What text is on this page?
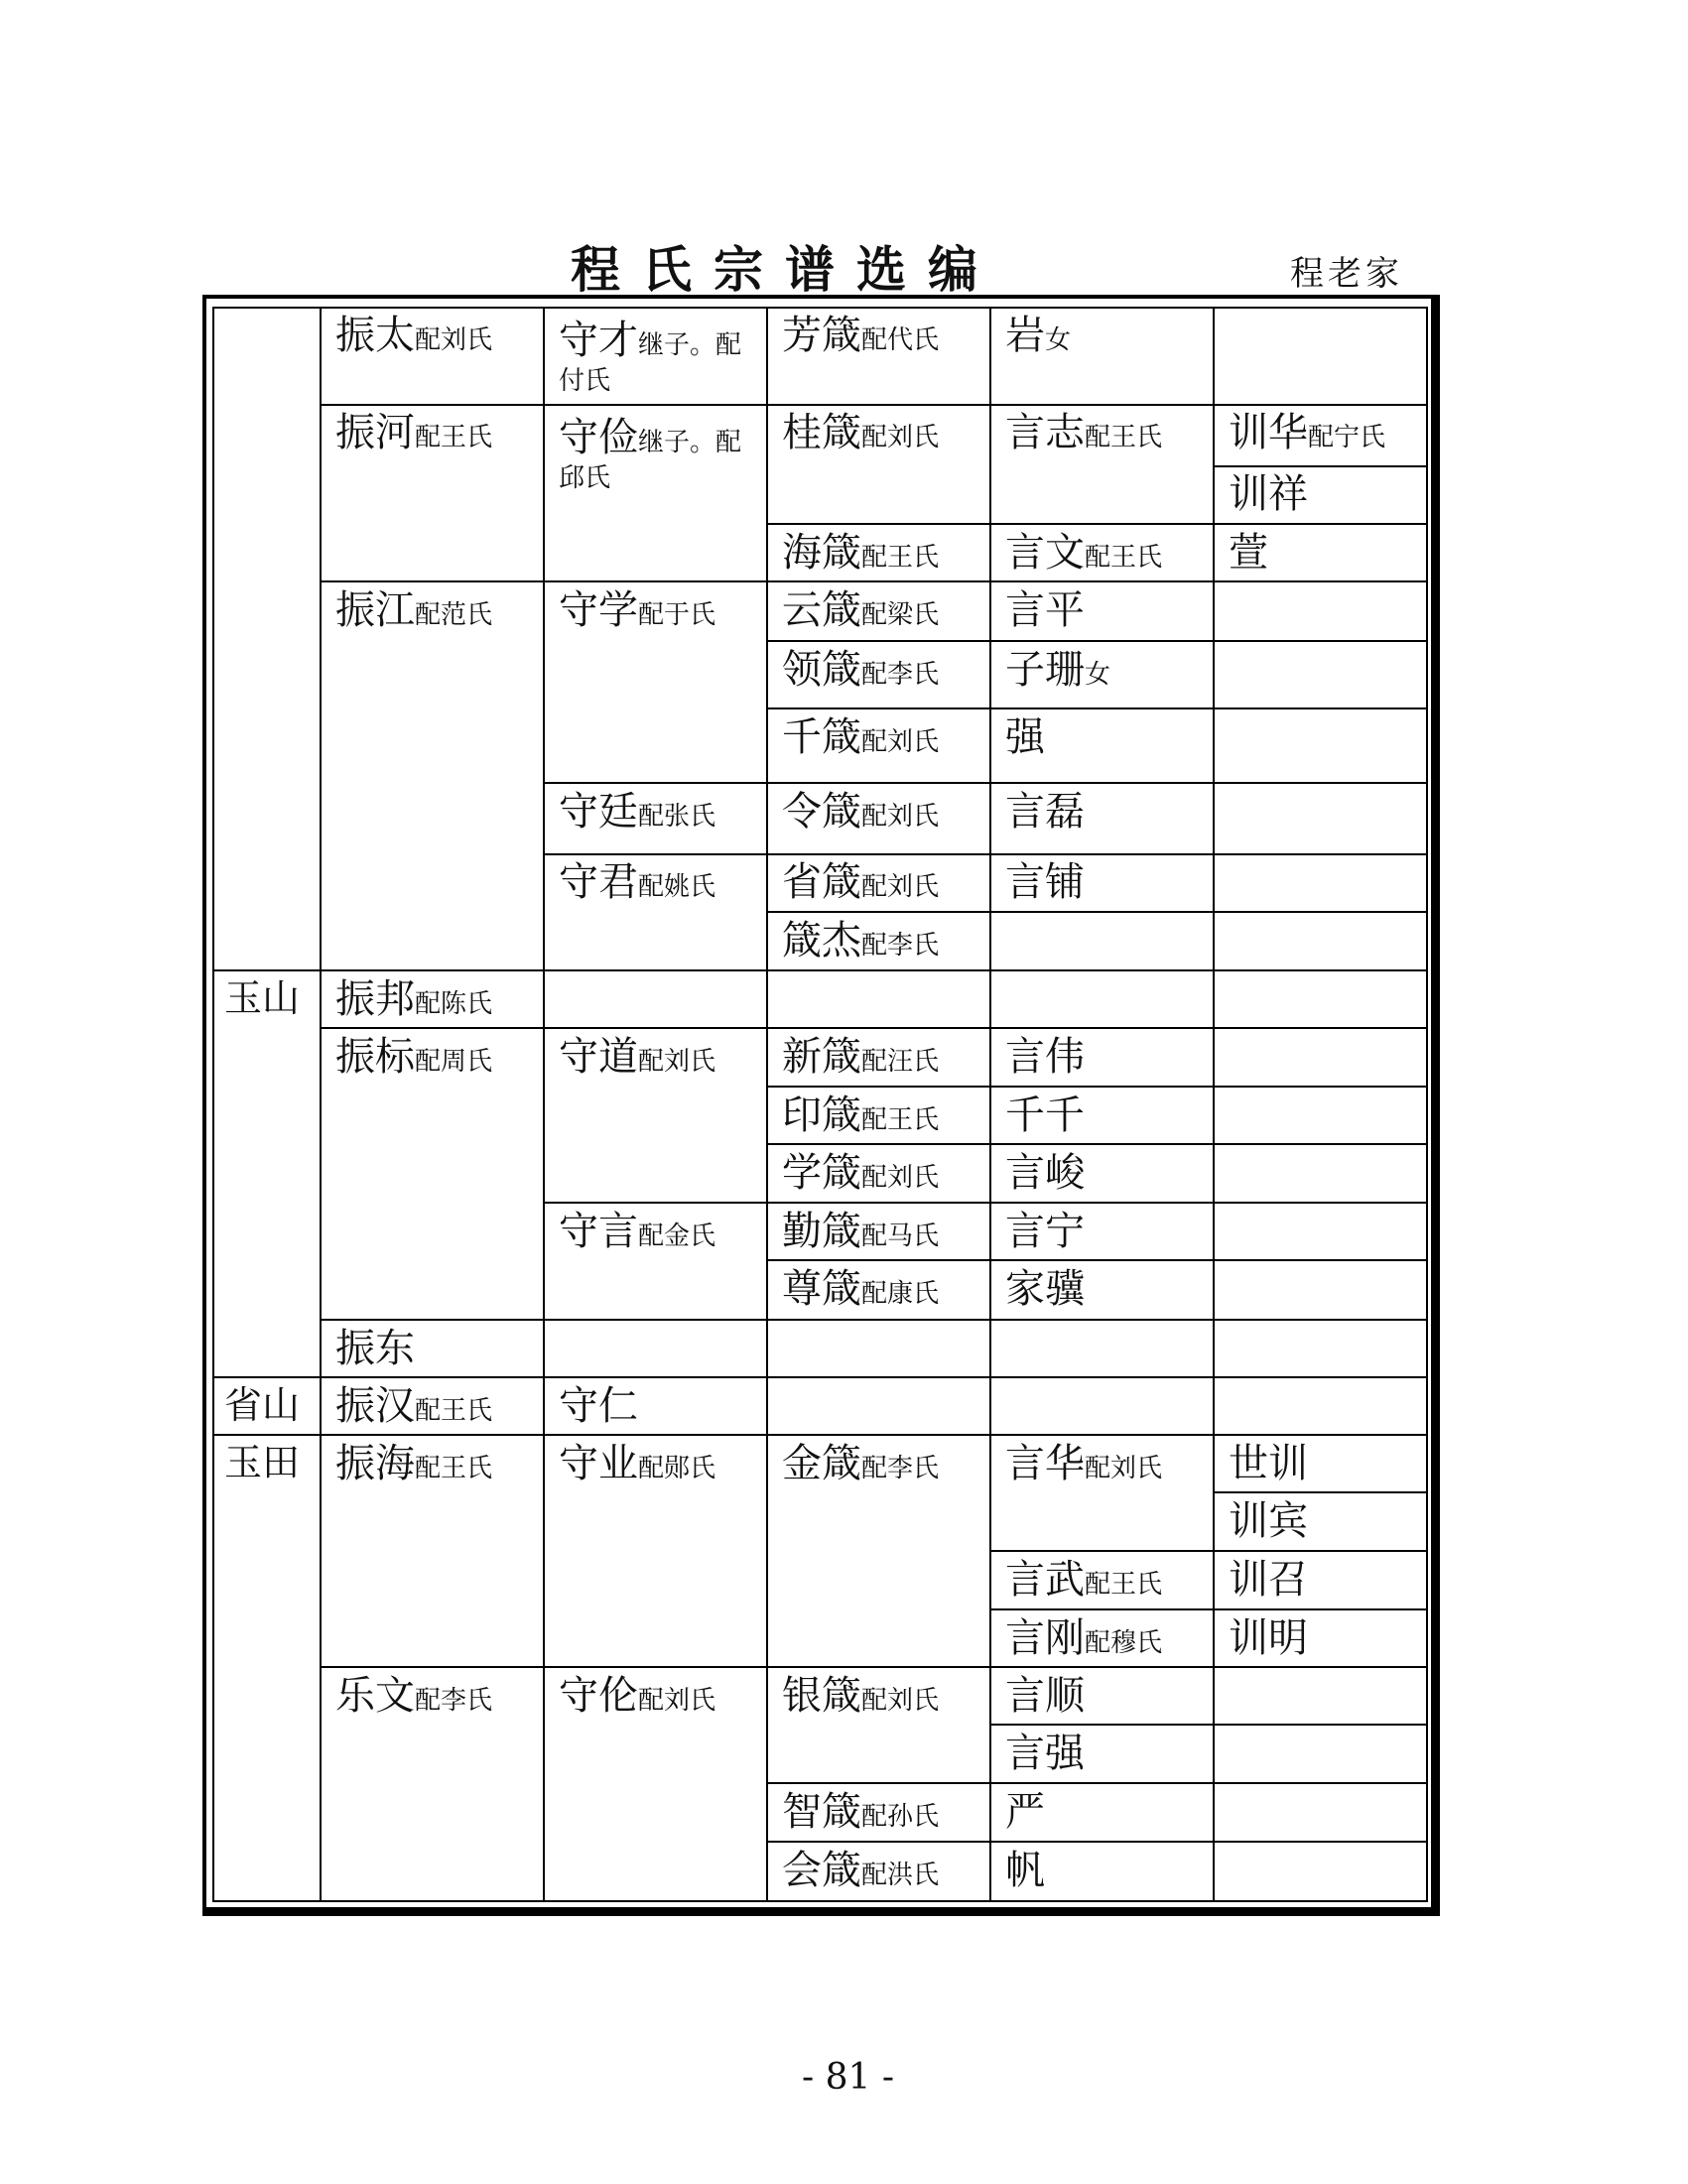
程氏宗谱选编	程老家
振太配刘氏 守才继子。配付氏
芳箴配代氏 岩女
振河配王氏 守俭继子。配邱氏
桂箴配刘氏 言志配王氏 训华配宁氏
训祥
海箴配王氏 言文配王氏 萱
振江配范氏 守学配于氏 云箴配梁氏 言平
领箴配李氏 子珊女
千箴配刘氏 强
守廷配张氏 令箴配刘氏 言磊
守君配姚氏 省箴配刘氏 言铺
箴杰配李氏
玉山 振邦配陈氏
振标配周氏 守道配刘氏 新箴配汪氏 言伟
印箴配王氏 千千
学箴配刘氏 言峻
守言配金氏 勤箴配马氏 言宁
尊箴配康氏 家骥
振东
省山 振汉配王氏 守仁
玉田 振海配王氏 守业配郧氏 金箴配李氏 言华配刘氏 世训
训宾
言武配王氏 训召
言刚配穆氏 训明
乐文配李氏 守伦配刘氏 银箴配刘氏 言顺
言强
智箴配孙氏 严
会箴配洪氏 帆
- 81 -
